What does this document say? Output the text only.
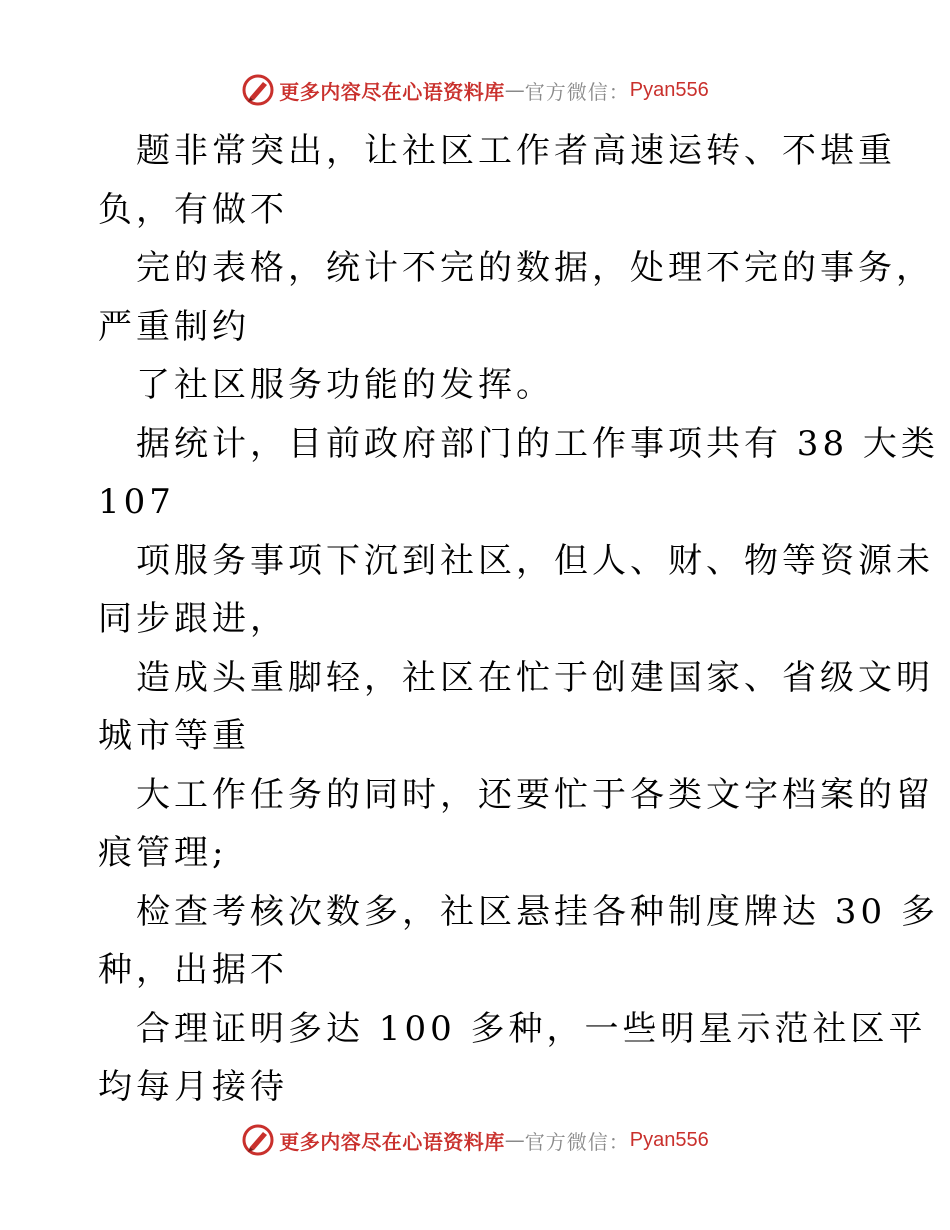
更多内容尽在心语资料库 — 官方微信： Pyan556
题非常突出，让社区工作者高速运转、不堪重
负，有做不
完的表格，统计不完的数据，处理不完的事务，
严重制约
了社区服务功能的发挥。
据统计，目前政府部门的工作事项共有 38 大类
107
项服务事项下沉到社区，但人、财、物等资源未
同步跟进，
造成头重脚轻，社区在忙于创建国家、省级文明
城市等重
大工作任务的同时，还要忙于各类文字档案的留
痕管理;
检查考核次数多，社区悬挂各种制度牌达 30 多
种，出据不
合理证明多达 100 多种，一些明星示范社区平
均每月接待
更多内容尽在心语资料库 — 官方微信： Pyan556
